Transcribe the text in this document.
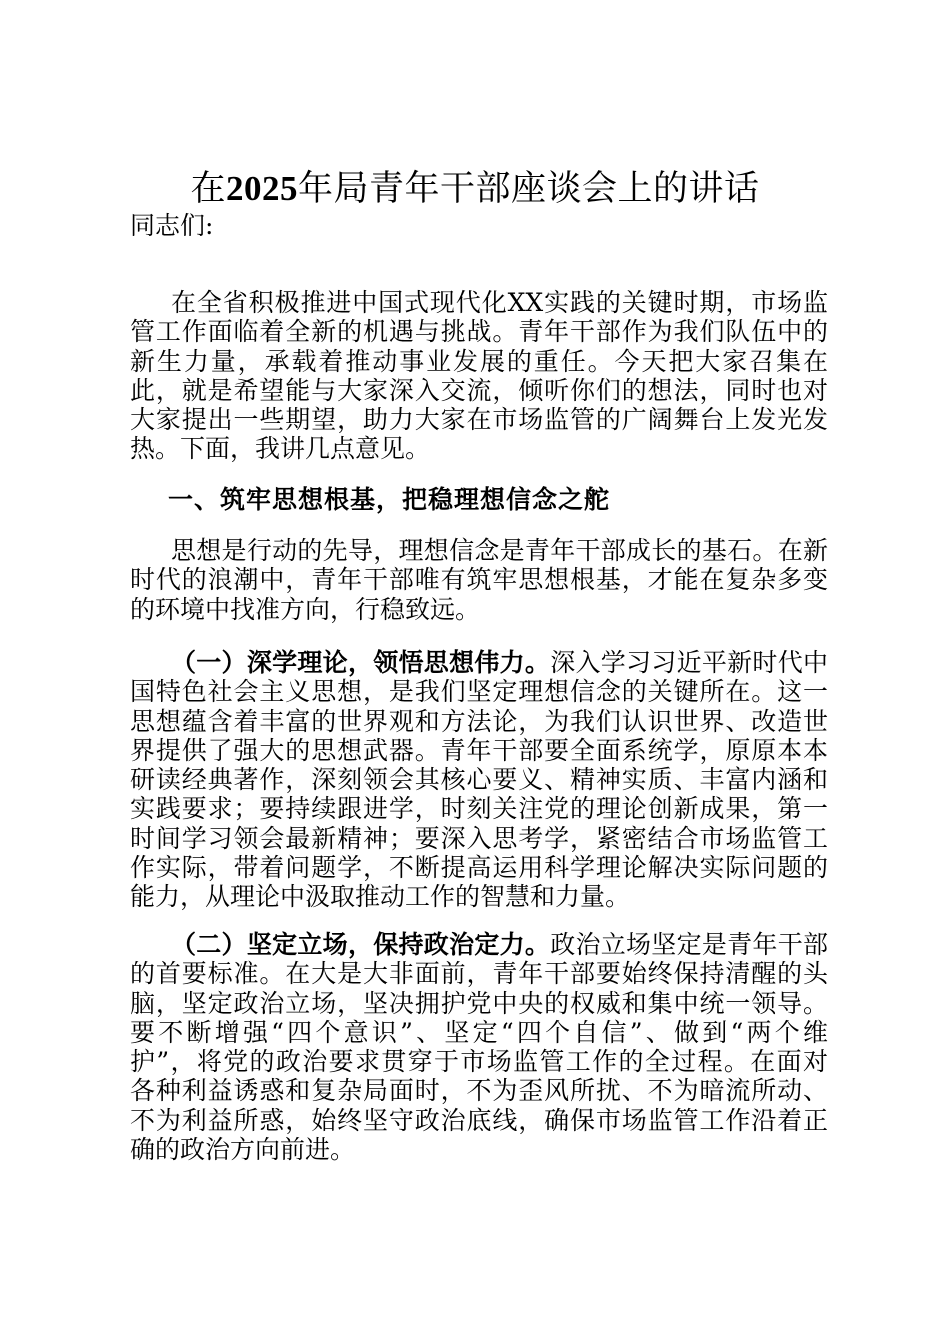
在2025年局青年干部座谈会上的讲话
同志们:
在全省积极推进中国式现代化XX实践的关键时期，市场监
管工作面临着全新的机遇与挑战。青年干部作为我们队伍中的
新生力量，承载着推动事业发展的重任。今天把大家召集在
此，就是希望能与大家深入交流，倾听你们的想法，同时也对
大家提出一些期望，助力大家在市场监管的广阔舞台上发光发
热。下面，我讲几点意见。
一、筑牢思想根基，把稳理想信念之舵
思想是行动的先导，理想信念是青年干部成长的基石。在新
时代的浪潮中，青年干部唯有筑牢思想根基，才能在复杂多变
的环境中找准方向，行稳致远。
（一）深学理论，领悟思想伟力。深入学习习近平新时代中
国特色社会主义思想，是我们坚定理想信念的关键所在。这一
思想蕴含着丰富的世界观和方法论，为我们认识世界、改造世
界提供了强大的思想武器。青年干部要全面系统学，原原本本
研读经典著作，深刻领会其核心要义、精神实质、丰富内涵和
实践要求；要持续跟进学，时刻关注党的理论创新成果，第一
时间学习领会最新精神；要深入思考学，紧密结合市场监管工
作实际，带着问题学，不断提高运用科学理论解决实际问题的
能力，从理论中汲取推动工作的智慧和力量。
（二）坚定立场，保持政治定力。政治立场坚定是青年干部
的首要标准。在大是大非面前，青年干部要始终保持清醒的头
脑，坚定政治立场，坚决拥护党中央的权威和集中统一领导。
要不断增强“四个意识”、坚定“四个自信”、做到“两个维
护”，将党的政治要求贯穿于市场监管工作的全过程。在面对
各种利益诱惑和复杂局面时，不为歪风所扰、不为暗流所动、
不为利益所惑，始终坚守政治底线，确保市场监管工作沿着正
确的政治方向前进。
